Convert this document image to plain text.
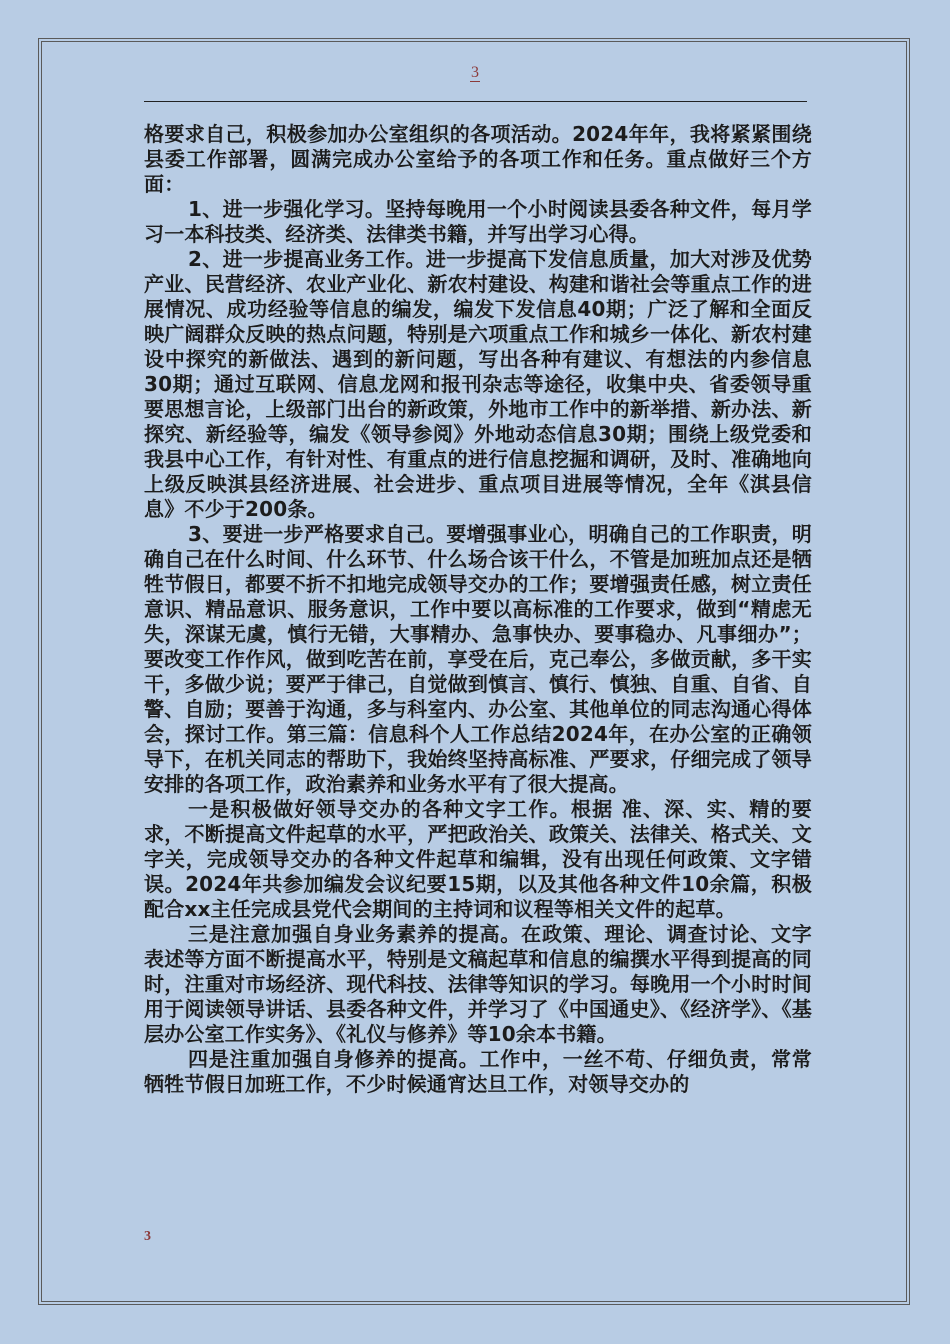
3

格要求自己，积极参加办公室组织的各项活动。2024年年，我将紧紧围绕县委工作部署，圆满完成办公室给予的各项工作和任务。重点做好三个方面：

1、进一步强化学习。坚持每晚用一个小时阅读县委各种文件，每月学习一本科技类、经济类、法律类书籍，并写出学习心得。

2、进一步提高业务工作。进一步提高下发信息质量，加大对涉及优势产业、民营经济、农业产业化、新农村建设、构建和谐社会等重点工作的进展情况、成功经验等信息的编发，编发下发信息40期；广泛了解和全面反映广阔群众反映的热点问题，特别是六项重点工作和城乡一体化、新农村建设中探究的新做法、遇到的新问题，写出各种有建议、有想法的内参信息30期；通过互联网、信息龙网和报刊杂志等途径，收集中央、省委领导重要思想言论，上级部门出台的新政策，外地市工作中的新举措、新办法、新探究、新经验等，编发《领导参阅》外地动态信息30期；围绕上级党委和我县中心工作，有针对性、有重点的进行信息挖掘和调研，及时、准确地向上级反映淇县经济进展、社会进步、重点项目进展等情况，全年《淇县信息》不少于200条。

3、要进一步严格要求自己。要增强事业心，明确自己的工作职责，明确自己在什么时间、什么环节、什么场合该干什么，不管是加班加点还是牺牲节假日，都要不折不扣地完成领导交办的工作；要增强责任感，树立责任意识、精品意识、服务意识，工作中要以高标准的工作要求，做到“精虑无失，深谋无虞，慎行无错，大事精办、急事快办、要事稳办、凡事细办”；要改变工作作风，做到吃苦在前，享受在后，克己奉公，多做贡献，多干实干，多做少说；要严于律己，自觉做到慎言、慎行、慎独、自重、自省、自警、自励；要善于沟通，多与科室内、办公室、其他单位的同志沟通心得体会，探讨工作。第三篇：信息科个人工作总结2024年，在办公室的正确领导下，在机关同志的帮助下，我始终坚持高标准、严要求，仔细完成了领导安排的各项工作，政治素养和业务水平有了很大提高。

一是积极做好领导交办的各种文字工作。根据 准、深、实、精的要求，不断提高文件起草的水平，严把政治关、政策关、法律关、格式关、文字关，完成领导交办的各种文件起草和编辑，没有出现任何政策、文字错误。2024年共参加编发会议纪要15期，以及其他各种文件10余篇，积极配合xx主任完成县党代会期间的主持词和议程等相关文件的起草。

三是注意加强自身业务素养的提高。在政策、理论、调查讨论、文字表述等方面不断提高水平，特别是文稿起草和信息的编撰水平得到提高的同时，注重对市场经济、现代科技、法律等知识的学习。每晚用一个小时时间用于阅读领导讲话、县委各种文件，并学习了《中国通史》、《经济学》、《基层办公室工作实务》、《礼仪与修养》等10余本书籍。

四是注重加强自身修养的提高。工作中，一丝不苟、仔细负责，常常牺牲节假日加班工作，不少时候通宵达旦工作，对领导交办的

3
